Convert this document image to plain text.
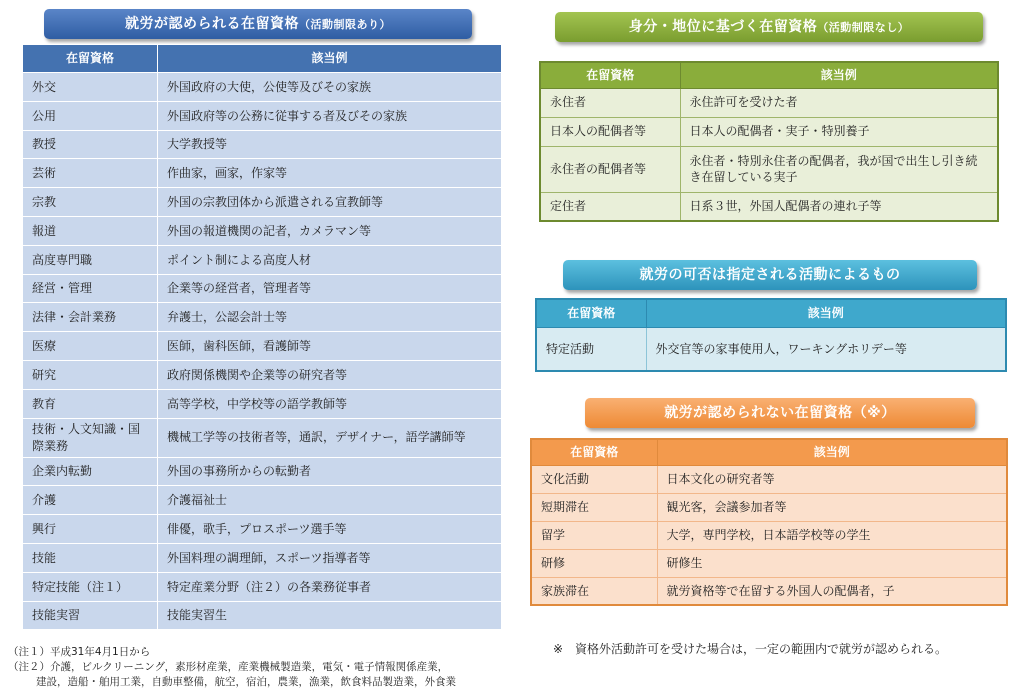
就労が認められる在留資格（活動制限あり）
在留資格	該当例
外交	外国政府の大使，公使等及びその家族
公用	外国政府等の公務に従事する者及びその家族
教授	大学教授等
芸術	作曲家，画家，作家等
宗教	外国の宗教団体から派遣される宣教師等
報道	外国の報道機関の記者，カメラマン等
高度専門職	ポイント制による高度人材
経営・管理	企業等の経営者，管理者等
法律・会計業務	弁護士，公認会計士等
医療	医師，歯科医師，看護師等
研究	政府関係機関や企業等の研究者等
教育	高等学校，中学校等の語学教師等
技術・人文知識・国際業務	機械工学等の技術者等，通訳，デザイナー，語学講師等
企業内転勤	外国の事務所からの転勤者
介護	介護福祉士
興行	俳優，歌手，プロスポーツ選手等
技能	外国料理の調理師，スポーツ指導者等
特定技能（注１）	特定産業分野（注２）の各業務従事者
技能実習	技能実習生
身分・地位に基づく在留資格（活動制限なし）
在留資格	該当例
永住者	永住許可を受けた者
日本人の配偶者等	日本人の配偶者・実子・特別養子
永住者の配偶者等	永住者・特別永住者の配偶者，我が国で出生し引き続き在留している実子
定住者	日系３世，外国人配偶者の連れ子等
就労の可否は指定される活動によるもの
在留資格	該当例
特定活動	外交官等の家事使用人，ワーキングホリデー等
就労が認められない在留資格（※）
在留資格	該当例
文化活動	日本文化の研究者等
短期滞在	観光客，会議参加者等
留学	大学，専門学校，日本語学校等の学生
研修	研修生
家族滞在	就労資格等で在留する外国人の配偶者，子
（注１）平成31年4月1日から
（注２）介護，ビルクリーニング，素形材産業，産業機械製造業，電気・電子情報関係産業，
建設，造船・舶用工業，自動車整備，航空，宿泊，農業，漁業，飲食料品製造業，外食業
※　資格外活動許可を受けた場合は，一定の範囲内で就労が認められる。
